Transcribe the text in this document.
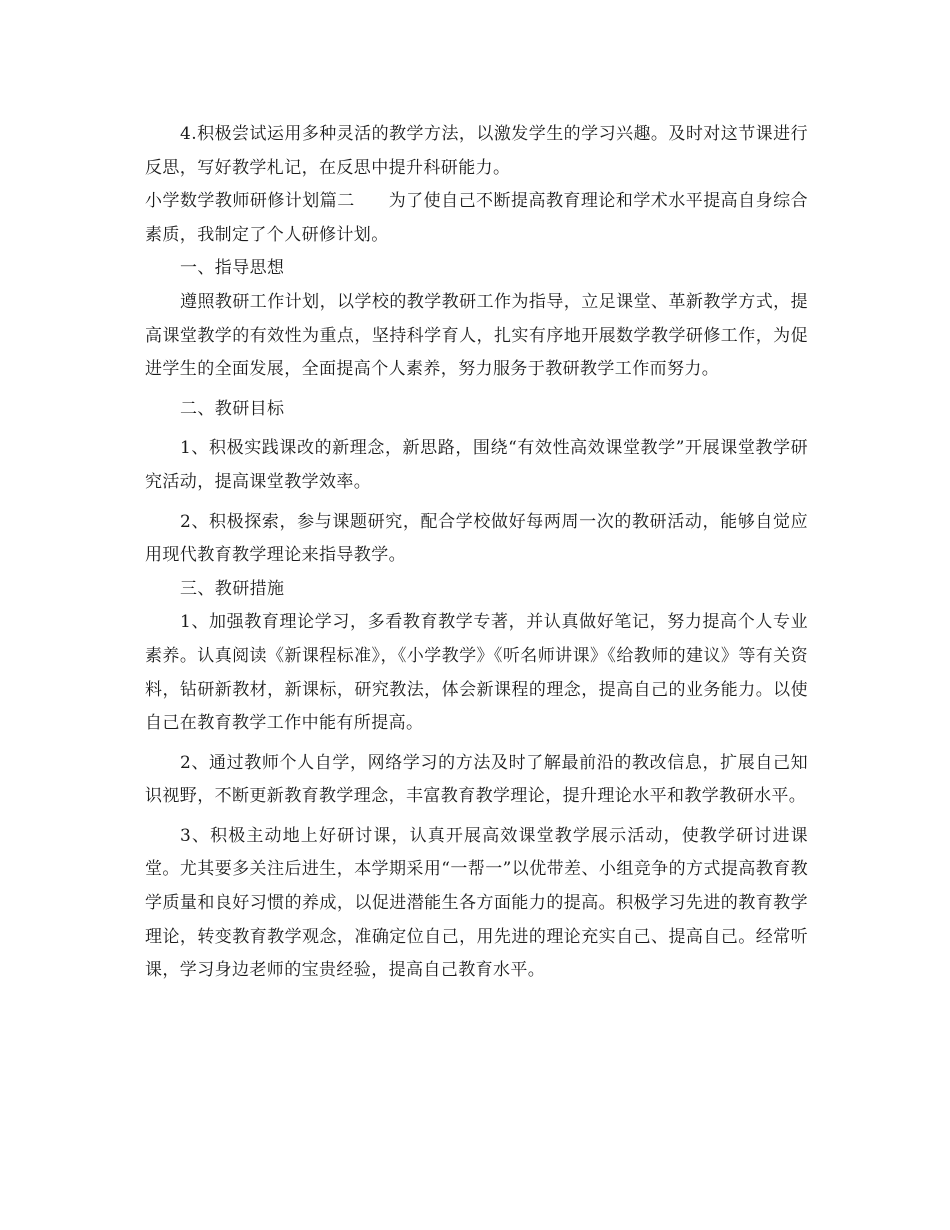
4.积极尝试运用多种灵活的教学方法，以激发学生的学习兴趣。及时对这节课进行反思，写好教学札记，在反思中提升科研能力。

小学数学教师研修计划篇二 为了使自己不断提高教育理论和学术水平提高自身综合素质，我制定了个人研修计划。

一、指导思想

遵照教研工作计划，以学校的教学教研工作为指导，立足课堂、革新教学方式，提高课堂教学的有效性为重点，坚持科学育人，扎实有序地开展数学教学研修工作，为促进学生的全面发展，全面提高个人素养，努力服务于教研教学工作而努力。

二、教研目标

1、积极实践课改的新理念，新思路，围绕“有效性高效课堂教学”开展课堂教学研究活动，提高课堂教学效率。

2、积极探索，参与课题研究，配合学校做好每两周一次的教研活动，能够自觉应用现代教育教学理论来指导教学。

三、教研措施

1、加强教育理论学习，多看教育教学专著，并认真做好笔记，努力提高个人专业素养。认真阅读《新课程标准》，《小学教学》《听名师讲课》《给教师的建议》等有关资料，钻研新教材，新课标，研究教法，体会新课程的理念，提高自己的业务能力。以使自己在教育教学工作中能有所提高。

2、通过教师个人自学，网络学习的方法及时了解最前沿的教改信息，扩展自己知识视野，不断更新教育教学理念，丰富教育教学理论，提升理论水平和教学教研水平。

3、积极主动地上好研讨课，认真开展高效课堂教学展示活动，使教学研讨进课堂。尤其要多关注后进生，本学期采用“一帮一”以优带差、小组竞争的方式提高教育教学质量和良好习惯的养成，以促进潜能生各方面能力的提高。积极学习先进的教育教学理论，转变教育教学观念，准确定位自己，用先进的理论充实自己、提高自己。经常听课，学习身边老师的宝贵经验，提高自己教育水平。
